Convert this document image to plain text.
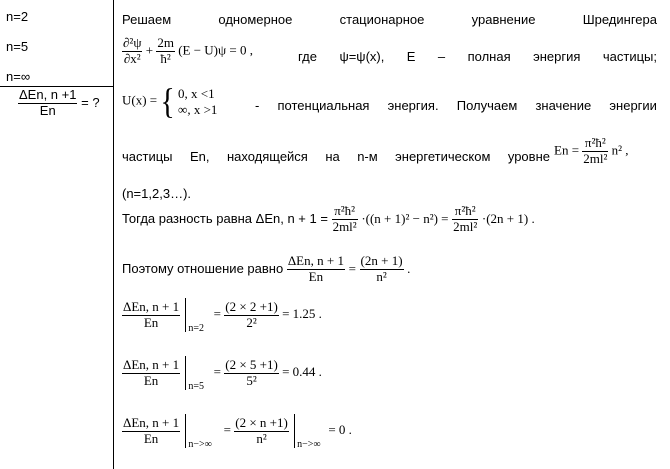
n=2
n=5
n=∞
$\frac{\text{ΔEn, n +1}}{En}$ = ?
Решаем	одномерное	стационарное	уравнение	Шредингера
$\frac{\text{∂²ψ}}{\text{∂x²}} + \frac{2m}{\text{ħ²}} (E - U)\psi = 0$ ,	где ψ=ψ(x), E – полная энергия частицы;
U(x) = { 0, x <1
∞, x >1	- потенциальная энергия. Получаем значение энергии
частицы En, находящейся на n-м энергетическом уровне $En = \frac{\text{π²ħ²}}{\text{2ml²}} n^2$ ,
(n=1,2,3…).
Тогда разность равна ΔEn, $n + 1 = \frac{\text{π²ħ²}}{\text{2ml²}} \cdot((n + 1)^2 - n^2) = \frac{\text{π²ħ²}}{\text{2ml²}} \cdot(2n + 1)$ .
Поэтому отношение равно $\frac{\text{ΔEn, n + 1}}{En} = \frac{(2n + 1)}{\text{n²}}$ .
$\frac{\text{ΔEn, n + 1}}{En}$
n=2
= $\frac{(2 \times 2 +1)}{\text{2²}} = 1.25$ .
$\frac{\text{ΔEn, n + 1}}{En}$
n=5
= $\frac{(2 \times 5 +1)}{\text{5²}} = 0.44$ .
$\frac{\text{ΔEn, n + 1}}{En}$
n−>∞
= $\frac{(2 \times n +1)}{\text{n²}}$
n−>∞
= 0 .
